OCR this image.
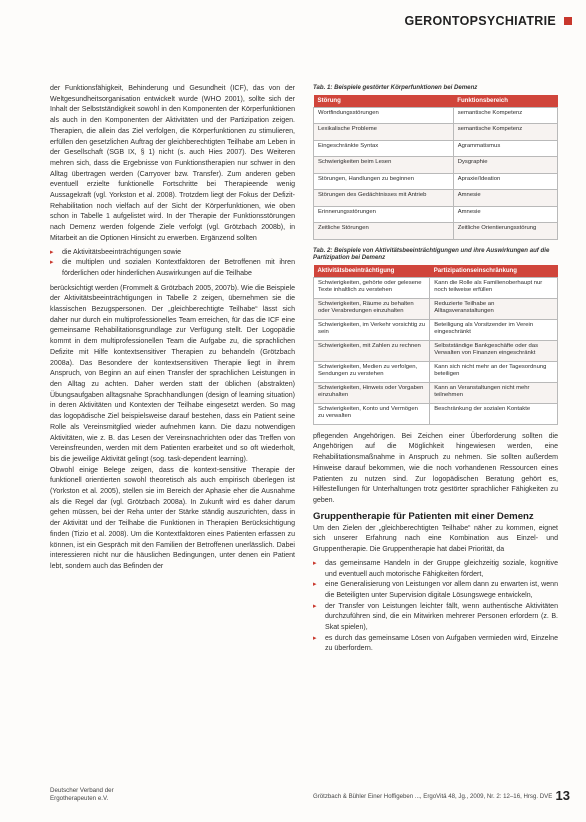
GERONTOPSYCHIATRIE

der Funktionsfähigkeit, Behinderung und Gesundheit (ICF), das von der Weltgesundheitsorganisation entwickelt wurde (WHO 2001), sollte sich der Inhalt der Selbstständigkeit sowohl in den Komponenten der Körperfunktionen als auch in den Komponenten der Aktivitäten und der Partizipation zeigen. Therapien, die allein das Ziel verfolgen, die Körperfunktionen zu stimulieren, erfüllen den gesetzlichen Auftrag der gleichberechtigten Teilhabe am Leben in der Gesellschaft (SGB IX, § 1) nicht (s. auch Hies 2007). Des Weiteren mehren sich, dass die Ergebnisse von Funktionstherapien nur schwer in den Alltag übertragen werden (Carryover bzw. Transfer). Zum anderen geben eventuell erzielte funktionelle Fortschritte bei Therapieende wenig Aussagekraft (vgl. Yorkston et al. 2008). Trotzdem liegt der Fokus der Defizit-Rehabilitation noch vielfach auf der Sicht der Körperfunktionen, wie oben schon in Tabelle 1 aufgelistet wird. In der Therapie der Funktionsstörungen nach Demenz werden folgende Ziele verfolgt (vgl. Grötzbach 2008b), in Mitarbeit an die Optionen Hinsicht zu erwerben. Ergänzend sollten

▸ die Aktivitätsbeeinträchtigungen sowie
▸ die multiplen und sozialen Kontextfaktoren der Betroffenen mit ihren förderlichen oder hinderlichen Auswirkungen auf die Teilhabe

berücksichtigt werden (Frommelt & Grötzbach 2005, 2007b). Wie die Beispiele der Aktivitätsbeeinträchtigungen in Tabelle 2 zeigen, übernehmen sie die klassischen Bezugspersonen. Der „gleichberechtigte Teilhabe“ lässt sich daher nur durch ein multiprofessionelles Team erreichen, für das die ICF eine gemeinsame Rehabilitationsgrundlage zur Verfügung stellt. Der Logopädie kommt in dem multiprofessionellen Team die Aufgabe zu, die sprachlichen Defizite mit Hilfe kontextsensitiver Therapien zu behandeln (Grötzbach 2008a). Das Besondere der kontextsensitiven Therapie liegt in ihrem Anspruch, von Beginn an auf einen Transfer der sprachlichen Leistungen in den Alltag zu achten. Daher werden statt der üblichen (abstrakten) Übungsaufgaben alltagsnahe Sprachhandlungen (design of learning situation) in deren Aktivitäten und Kontexten der Teilhabe eingesetzt werden. So mag das logopädische Ziel beispielsweise darauf bestehen, dass ein Patient seine Rolle als Vereinsmitglied wieder aufnehmen kann. Die dazu notwendigen Aktivitäten, wie z. B. das Lesen der Vereinsnachrichten oder das Treffen von Vereinsfreunden, werden mit dem Patienten erarbeitet und so oft wiederholt, bis die jeweilige Aktivität gelingt (sog. task-dependent learning).

Obwohl einige Belege zeigen, dass die kontext-sensitive Therapie der funktionell orientierten sowohl theoretisch als auch empirisch überlegen ist (Yorkston et al. 2005), stellen sie im Bereich der Aphasie eher die Ausnahme als die Regel dar (vgl. Grötzbach 2008a). In Zukunft wird es daher darum gehen müssen, bei der Reha unter der Stärke ständig auszurichten, dass in der Aktivität und der Teilhabe die Funktionen in Therapien Berücksichtigung finden (Tizio et al. 2008). Um die Kontextfaktoren eines Patienten erfassen zu können, ist ein Gespräch mit den Familien der Betroffenen unerlässlich. Dabei interessieren nicht nur die häuslichen Bedingungen, unter denen ein Patient lebt, sondern auch das Befinden der

Tab. 1: Beispiele gestörter Körperfunktionen bei Demenz
Störung	Funktionsbereich
Wortfindungsstörungen	semantische Kompetenz
Lexikalische Probleme	semantische Kompetenz
Eingeschränkte Syntax	Agrammatismus
Schwierigkeiten beim Lesen	Dysgraphie
Störungen, Handlungen zu beginnen	Apraxie/Ideation
Störungen des Gedächtnisses mit Antrieb	Amnesie
Erinnerungsstörungen	Amnesie
Zeitliche Störungen	Zeitliche Orientierungsstörung
Tab. 2: Beispiele von Aktivitätsbeeinträchtigungen und ihre Auswirkungen auf die Partizipation bei Demenz
Aktivitätsbeeinträchtigung	Partizipationseinschränkung
Schwierigkeiten, gehörte oder gelesene Texte inhaltlich zu verstehen	Kann die Rolle als Familienoberhaupt nur noch teilweise erfüllen
Schwierigkeiten, Räume zu behalten oder Verabredungen einzuhalten	Reduzierte Teilhabe an Alltagsveranstaltungen
Schwierigkeiten, im Verkehr vorsichtig zu sein	Beteiligung als Vorsitzender im Verein eingeschränkt
Schwierigkeiten, mit Zahlen zu rechnen	Selbstständige Bankgeschäfte oder das Verwalten von Finanzen eingeschränkt
Schwierigkeiten, Medien zu verfolgen, Sendungen zu verstehen	Kann sich nicht mehr an der Tagesordnung beteiligen
Schwierigkeiten, Hinweis oder Vorgaben einzuhalten	Kann an Veranstaltungen nicht mehr teilnehmen
Schwierigkeiten, Konto und Vermögen zu verwalten	Beschränkung der sozialen Kontakte

pflegenden Angehörigen. Bei Zeichen einer Überforderung sollten die Angehörigen auf die Möglichkeit hingewiesen werden, eine Rehabilitationsmaßnahme in Anspruch zu nehmen. Sie sollten außerdem Hinweise darauf bekommen, wie die noch vorhandenen Ressourcen eines Patienten zu nutzen sind. Zur logopädischen Beratung gehört es, Hilfestellungen für Unterhaltungen trotz gestörter sprachlicher Fähigkeiten zu geben.

Gruppentherapie für Patienten mit einer Demenz

Um den Zielen der „gleichberechtigten Teilhabe“ näher zu kommen, eignet sich unserer Erfahrung nach eine Kombination aus Einzel- und Gruppentherapie. Die Gruppentherapie hat dabei Priorität, da

▸ das gemeinsame Handeln in der Gruppe gleichzeitig soziale, kognitive und eventuell auch motorische Fähigkeiten fördert,
▸ eine Generalisierung von Leistungen vor allem dann zu erwarten ist, wenn die Beteiligten unter Supervision digitale Lösungswege entwickeln,
▸ der Transfer von Leistungen leichter fällt, wenn authentische Aktivitäten durchzuführen sind, die ein Mitwirken mehrerer Personen erfordern (z. B. Skat spielen),
▸ es durch das gemeinsame Lösen von Aufgaben vermieden wird, Einzelne zu überfordern.
Deutscher Verband der
Ergotherapeuten e.V.	Grötzbach & Bühler Einer Hoffigeben ..., ErgoVitä 48, Jg., 2009, Nr. 2: 12–16, Hrsg. DVE 13
